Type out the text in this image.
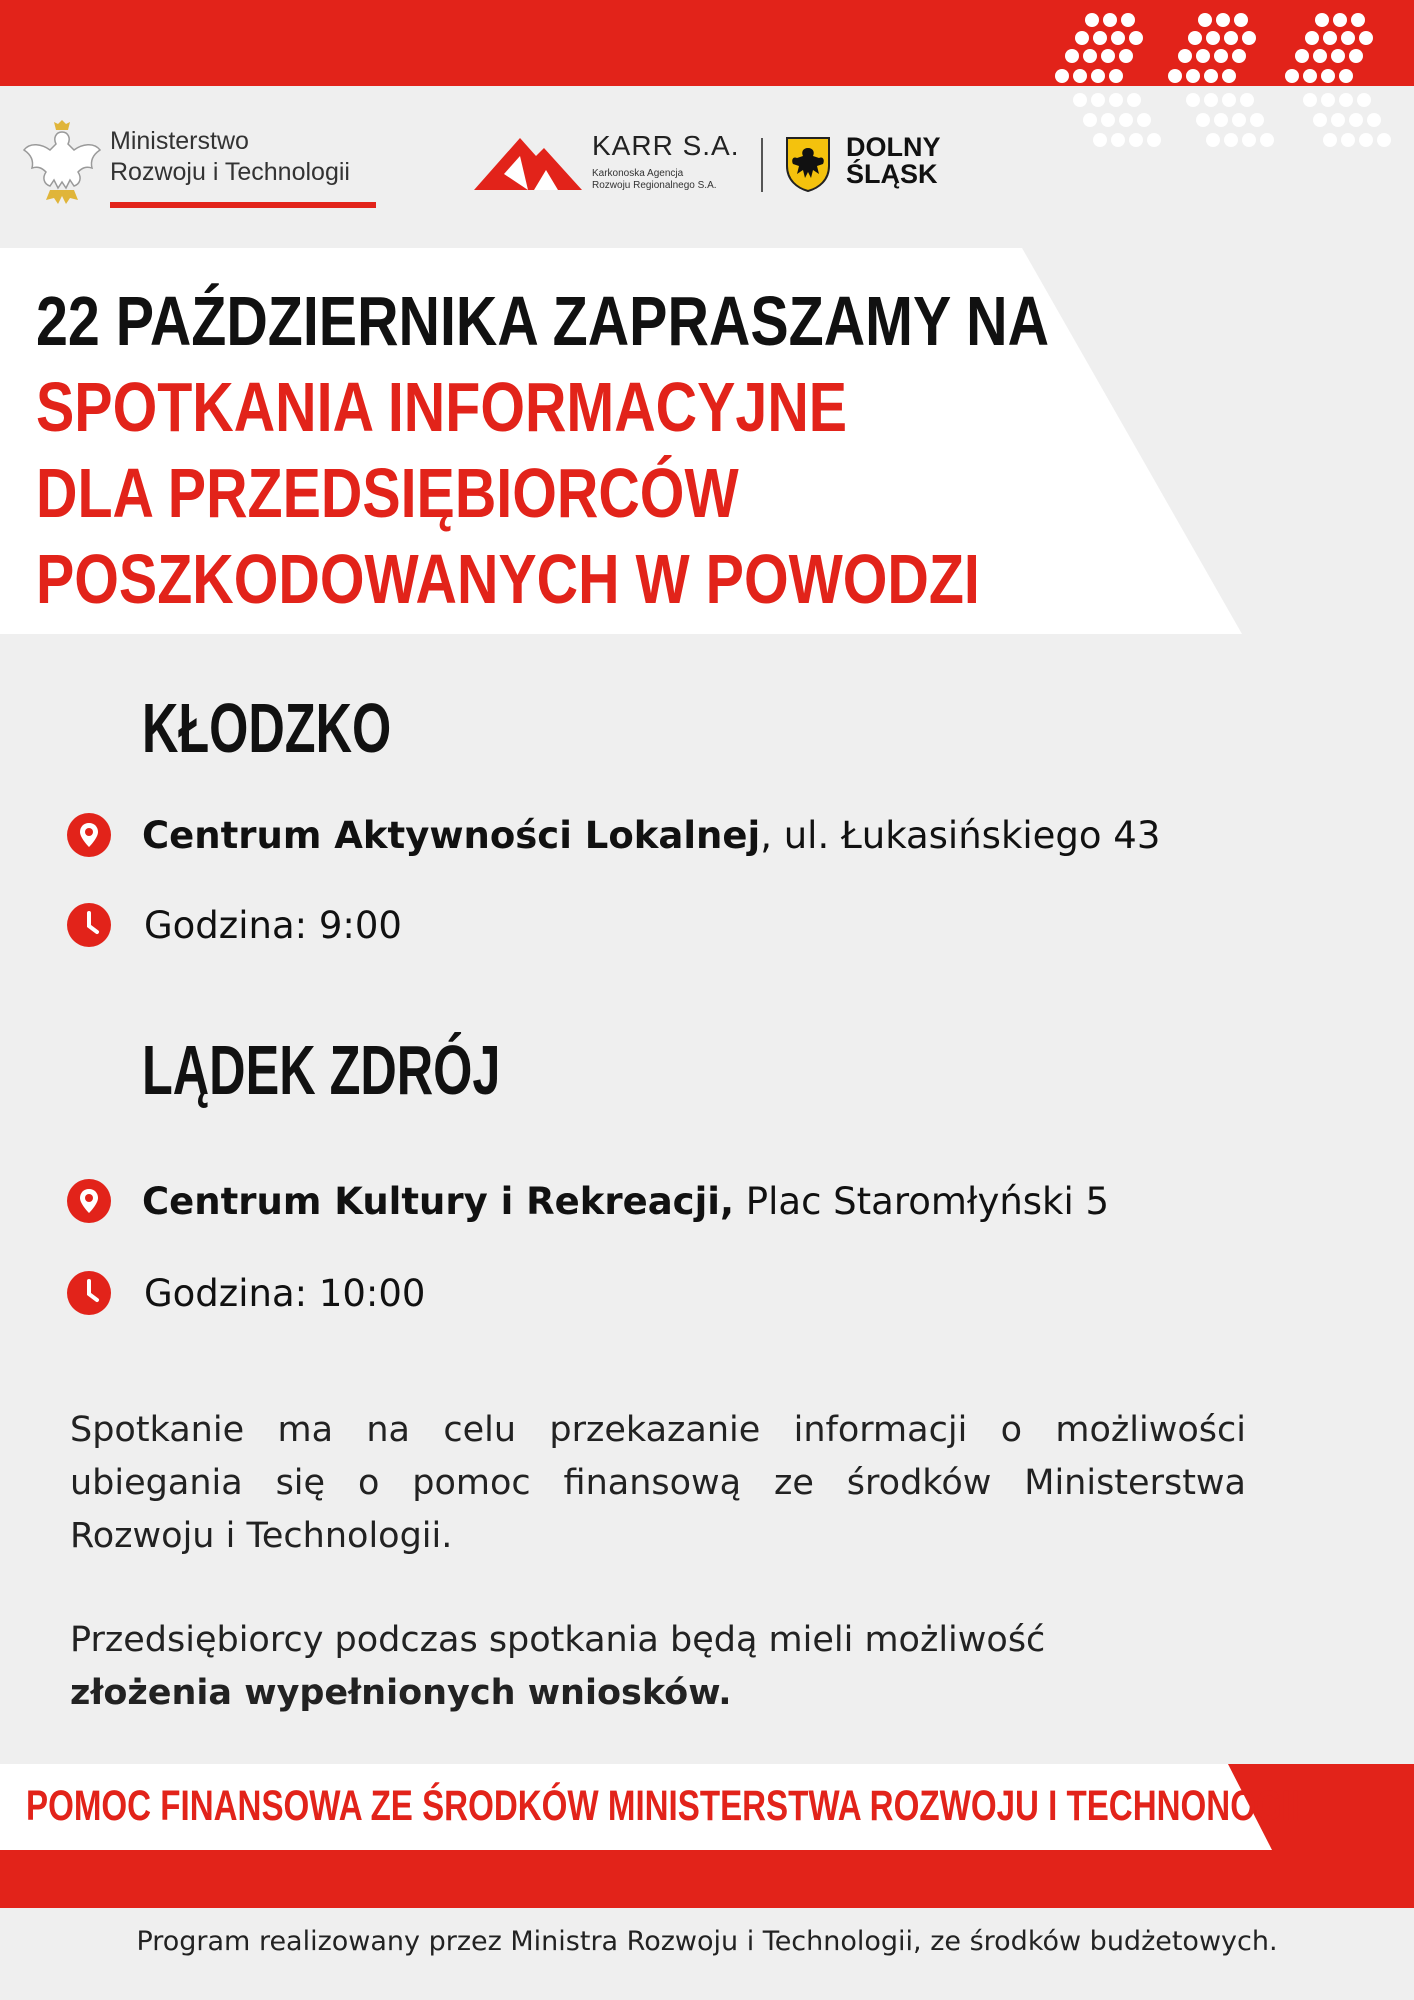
Ministerstwo
Rozwoju i Technologii
KARR S.A.
Karkonoska Agencja
Rozwoju Regionalnego S.A.
DOLNY
ŚLĄSK
22 PAŹDZIERNIKA ZAPRASZAMY NA
SPOTKANIA INFORMACYJNE
DLA PRZEDSIĘBIORCÓW
POSZKODOWANYCH W POWODZI
KŁODZKO
Centrum Aktywności Lokalnej, ul. Łukasińskiego 43
Godzina: 9:00
LĄDEK ZDRÓJ
Centrum Kultury i Rekreacji, Plac Staromłyński 5
Godzina: 10:00
Spotkanie ma na celu przekazanie informacji o możliwości ubiegania się o pomoc finansową ze środków Ministerstwa Rozwoju i Technologii.
Przedsiębiorcy podczas spotkania będą mieli możliwość
złożenia wypełnionych wniosków.
POMOC FINANSOWA ZE ŚRODKÓW MINISTERSTWA ROZWOJU I TECHNONOGII
Program realizowany przez Ministra Rozwoju i Technologii, ze środków budżetowych.
